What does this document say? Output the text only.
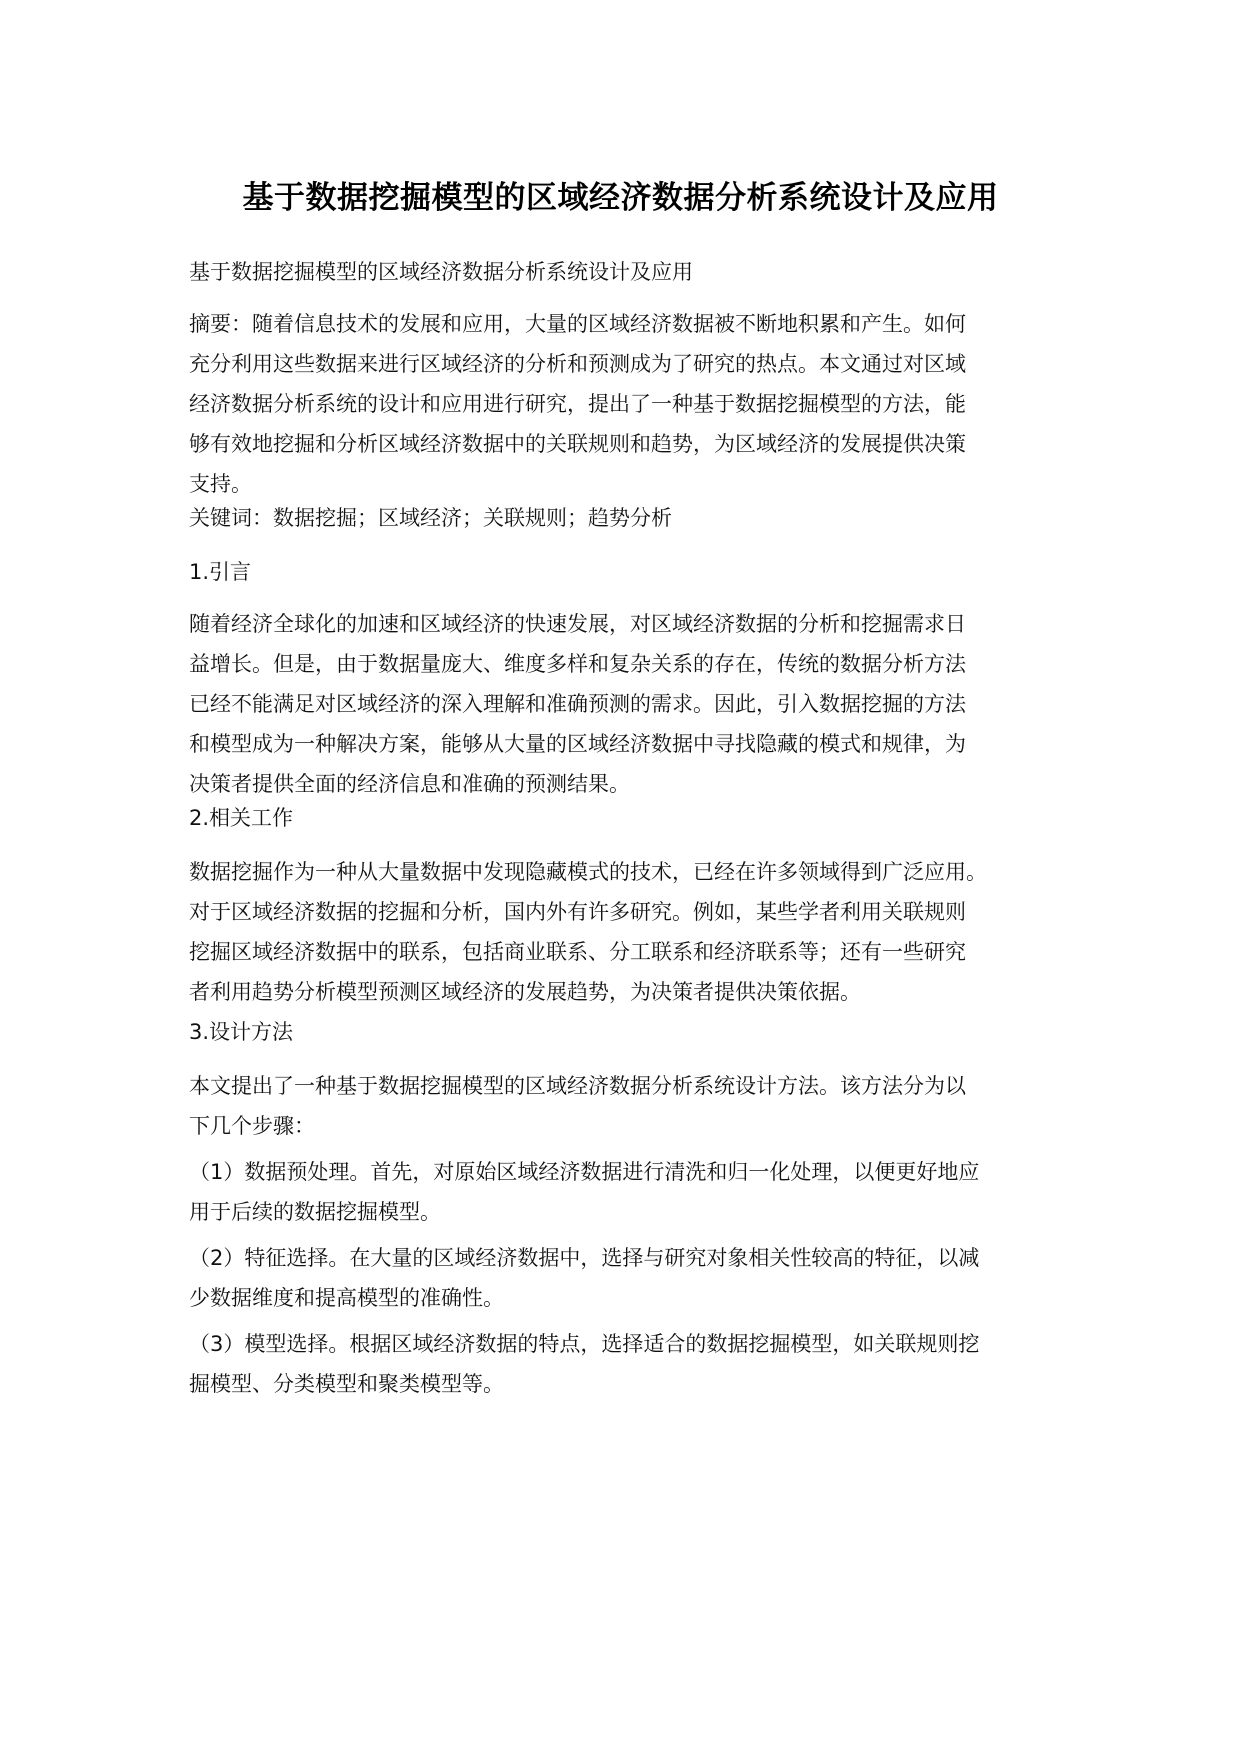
基于数据挖掘模型的区域经济数据分析系统设计及应用

基于数据挖掘模型的区域经济数据分析系统设计及应用

摘要：随着信息技术的发展和应用，大量的区域经济数据被不断地积累和产生。如何
充分利用这些数据来进行区域经济的分析和预测成为了研究的热点。本文通过对区域
经济数据分析系统的设计和应用进行研究，提出了一种基于数据挖掘模型的方法，能
够有效地挖掘和分析区域经济数据中的关联规则和趋势，为区域经济的发展提供决策
支持。

关键词：数据挖掘；区域经济；关联规则；趋势分析

1.引言

随着经济全球化的加速和区域经济的快速发展，对区域经济数据的分析和挖掘需求日
益增长。但是，由于数据量庞大、维度多样和复杂关系的存在，传统的数据分析方法
已经不能满足对区域经济的深入理解和准确预测的需求。因此，引入数据挖掘的方法
和模型成为一种解决方案，能够从大量的区域经济数据中寻找隐藏的模式和规律，为
决策者提供全面的经济信息和准确的预测结果。

2.相关工作

数据挖掘作为一种从大量数据中发现隐藏模式的技术，已经在许多领域得到广泛应用。
对于区域经济数据的挖掘和分析，国内外有许多研究。例如，某些学者利用关联规则
挖掘区域经济数据中的联系，包括商业联系、分工联系和经济联系等；还有一些研究
者利用趋势分析模型预测区域经济的发展趋势，为决策者提供决策依据。

3.设计方法

本文提出了一种基于数据挖掘模型的区域经济数据分析系统设计方法。该方法分为以
下几个步骤：

（1）数据预处理。首先，对原始区域经济数据进行清洗和归一化处理，以便更好地应
用于后续的数据挖掘模型。

（2）特征选择。在大量的区域经济数据中，选择与研究对象相关性较高的特征，以减
少数据维度和提高模型的准确性。

（3）模型选择。根据区域经济数据的特点，选择适合的数据挖掘模型，如关联规则挖
掘模型、分类模型和聚类模型等。
